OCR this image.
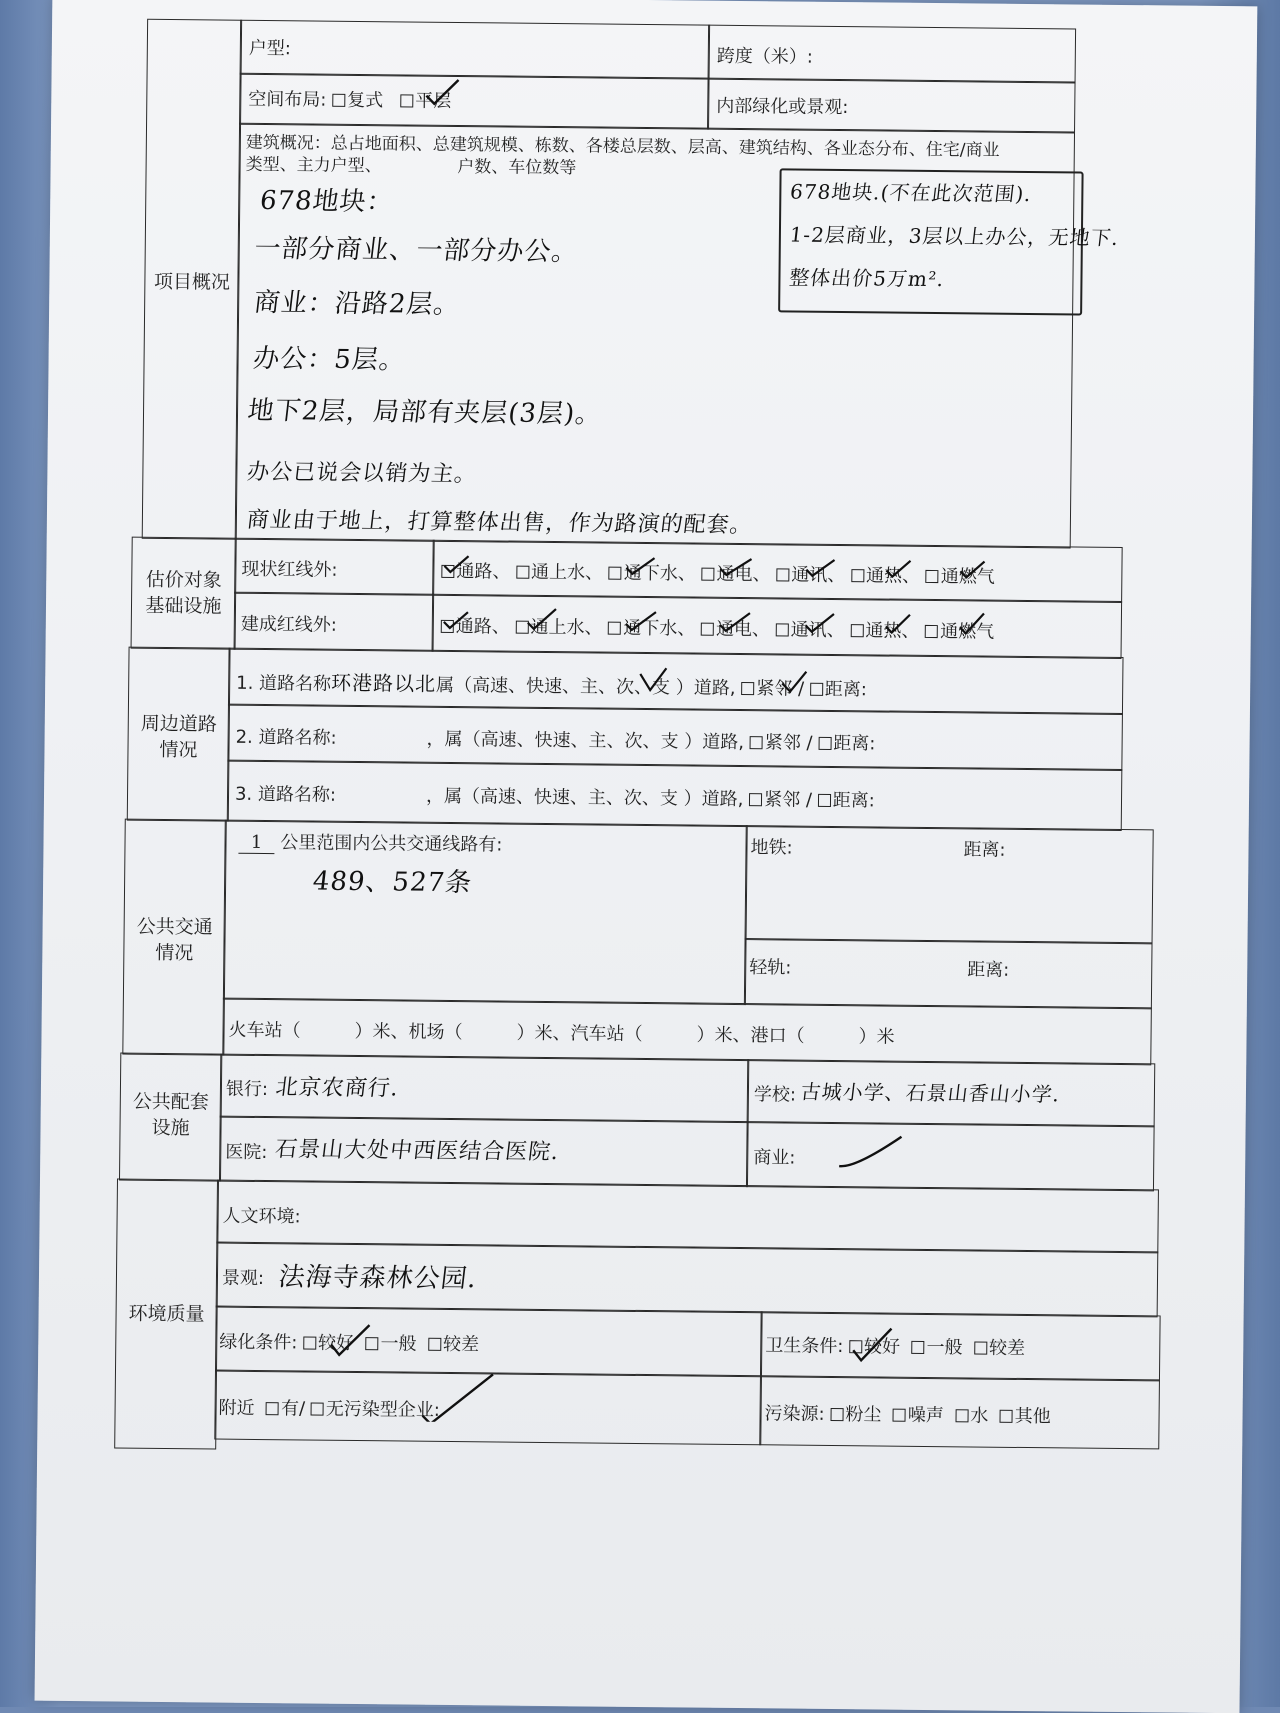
项目概况
户型:	跨度（米）:
空间布局: 复式 平层	内部绿化或景观:
建筑概况：总占地面积、总建筑规模、栋数、各楼总层数、层高、建筑结构、各业态分布、住宅/商业
类型、主力户型、              户数、车位数等
678地块：
一部分商业、一部分办公。
商业：沿路2层。
办公：5层。
地下2层，局部有夹层(3层)。
办公已说会以销为主。
商业由于地上，打算整体出售，作为路演的配套。
678地块.(不在此次范围).
1-2层商业，3层以上办公，无地下.
整体出价5万m².
估价对象基础设施
现状红线外:	通路、 通上水、 通下水、 通电、 通讯、 通热、 通燃气
建成红线外:	通路、 通上水、 通下水、 通电、 通讯、 通热、 通燃气
周边道路情况
1. 道路名称环港路以北属（高速、快速、主、次、支 ）道路, 紧邻 / 距离:
2. 道路名称:	，属（高速、快速、主、次、支 ）道路, 紧邻 / 距离:
3. 道路名称:	，属（高速、快速、主、次、支 ）道路, 紧邻 / 距离:
公共交通情况
1 公里范围内公共交通线路有:
489、527条
地铁:	距离:
轻轨:	距离:
火车站（　　　）米、机场（　　　）米、汽车站（　　　）米、港口（　　　）米
公共配套设施
银行: 北京农商行.	学校: 古城小学、石景山香山小学.
医院: 石景山大处中西医结合医院.	商业:
环境质量
人文环境:
景观: 法海寺森林公园.
绿化条件: 较好 一般 较差	卫生条件: 较好 一般 较差
附近 有/ 无污染型企业:	污染源: 粉尘 噪声 水 其他
